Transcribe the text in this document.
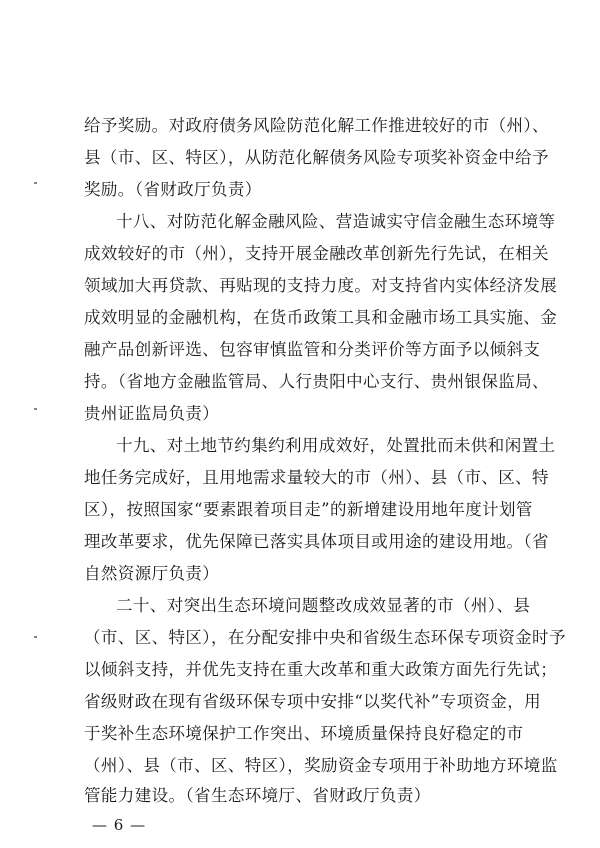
给予奖励。对政府债务风险防范化解工作推进较好的市（州）、
县（市、区、特区），从防范化解债务风险专项奖补资金中给予
奖励。（省财政厅负责）
十八、对防范化解金融风险、营造诚实守信金融生态环境等
成效较好的市（州），支持开展金融改革创新先行先试，在相关
领域加大再贷款、再贴现的支持力度。对支持省内实体经济发展
成效明显的金融机构，在货币政策工具和金融市场工具实施、金
融产品创新评选、包容审慎监管和分类评价等方面予以倾斜支
持。（省地方金融监管局、人行贵阳中心支行、贵州银保监局、
贵州证监局负责）
十九、对土地节约集约利用成效好，处置批而未供和闲置土
地任务完成好，且用地需求量较大的市（州）、县（市、区、特
区），按照国家“要素跟着项目走”的新增建设用地年度计划管
理改革要求，优先保障已落实具体项目或用途的建设用地。（省
自然资源厅负责）
二十、对突出生态环境问题整改成效显著的市（州）、县
（市、区、特区），在分配安排中央和省级生态环保专项资金时予
以倾斜支持，并优先支持在重大改革和重大政策方面先行先试；
省级财政在现有省级环保专项中安排“以奖代补”专项资金，用
于奖补生态环境保护工作突出、环境质量保持良好稳定的市
（州）、县（市、区、特区），奖励资金专项用于补助地方环境监
管能力建设。（省生态环境厅、省财政厅负责）
— 6 —
